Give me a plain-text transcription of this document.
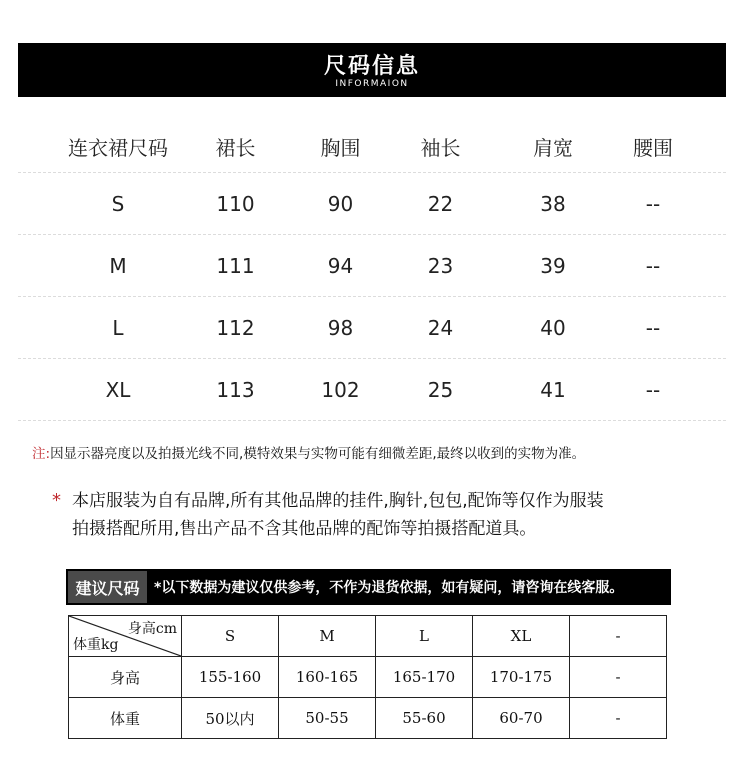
尺码信息
INFORMAION
连衣裙尺码	裙长	胸围	袖长	肩宽	腰围
S	110	90	22	38	--
M	111	94	23	39	--
L	112	98	24	40	--
XL	113	102	25	41	--
注:因显示器亮度以及拍摄光线不同,模特效果与实物可能有细微差距,最终以收到的实物为准。
* 本店服装为自有品牌,所有其他品牌的挂件,胸针,包包,配饰等仅作为服装
拍摄搭配所用,售出产品不含其他品牌的配饰等拍摄搭配道具。
建议尺码	*以下数据为建议仅供参考，不作为退货依据，如有疑问，请咨询在线客服。
身高cm
体重kg	S	M	L	XL	-
身高	155-160	160-165	165-170	170-175	-
体重	50以内	50-55	55-60	60-70	-
